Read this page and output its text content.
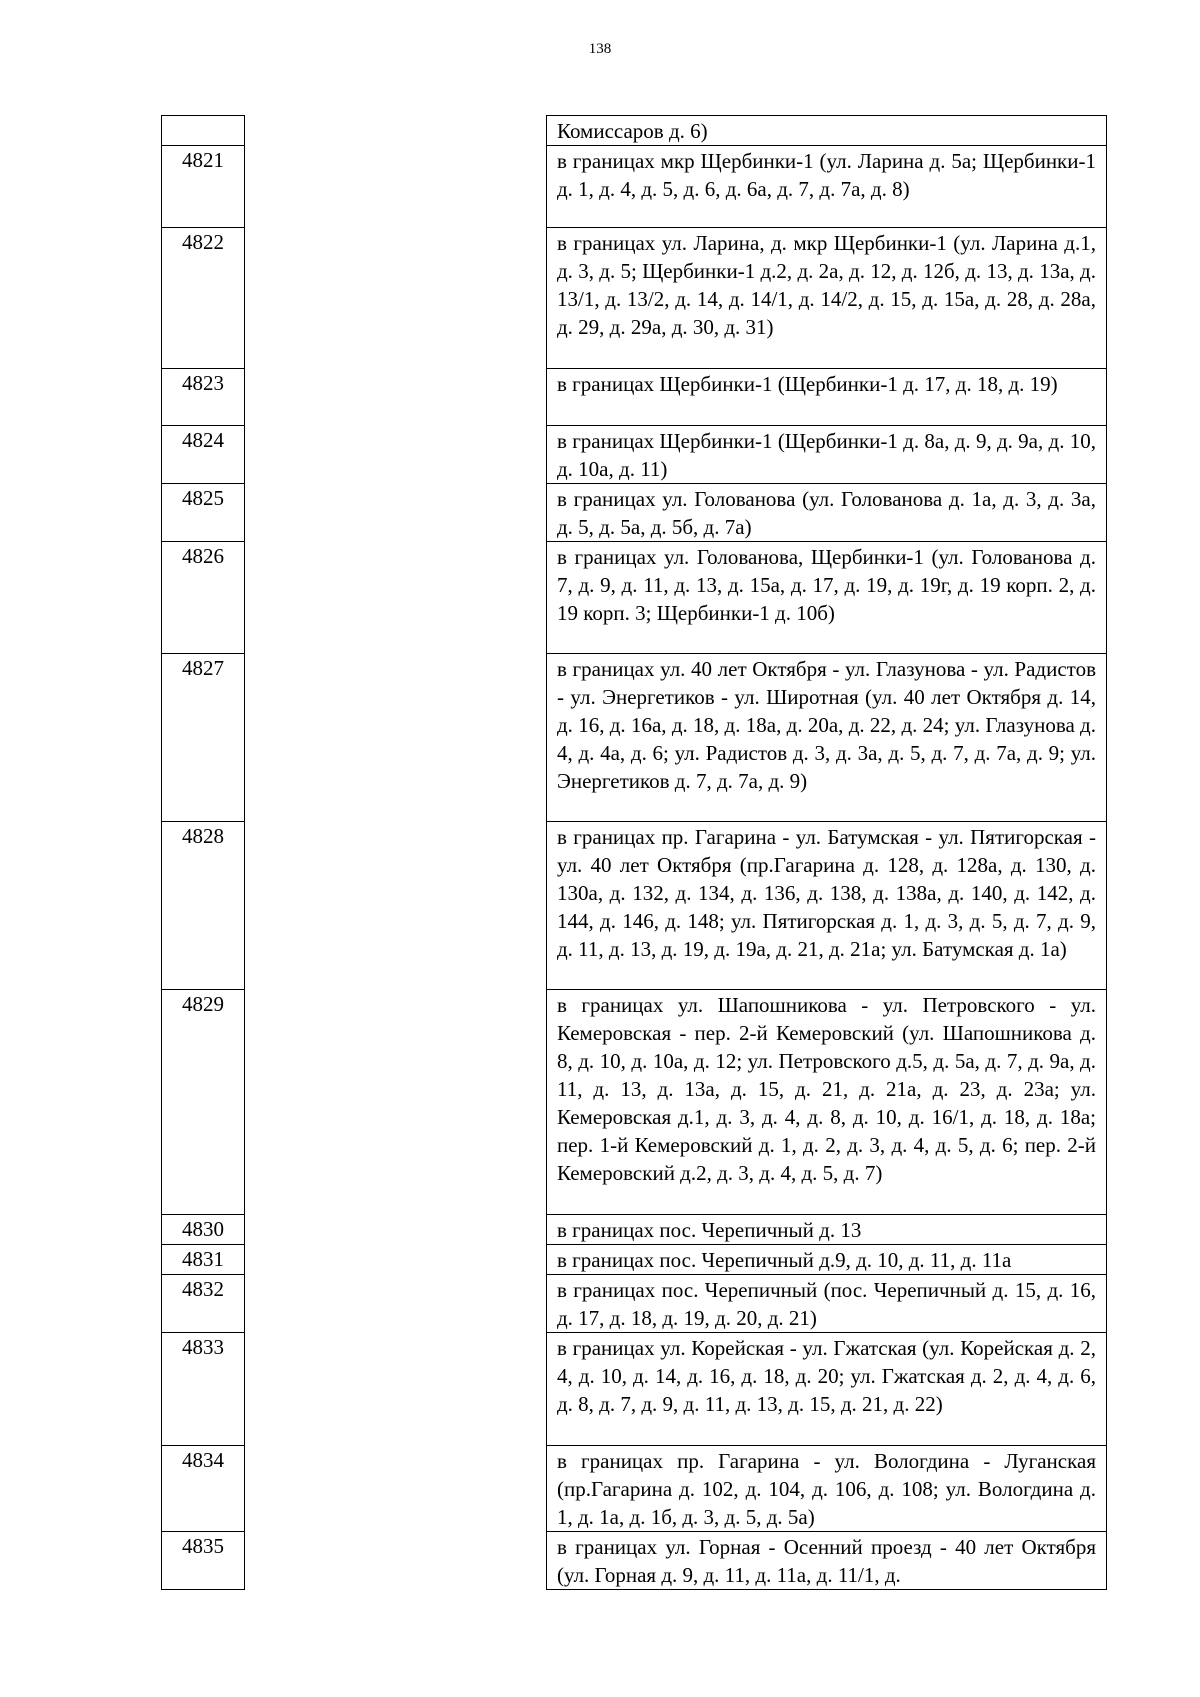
138
		Комиссаров д. 6)
4821		в границах мкр Щербинки-1 (ул. Ларина д. 5а; Щербинки-1 д. 1, д. 4, д. 5, д. 6, д. 6а, д. 7, д. 7а, д. 8)
4822		в границах ул. Ларина, д. мкр Щербинки-1 (ул. Ларина д.1, д. 3, д. 5; Щербинки-1 д.2, д. 2а, д. 12, д. 12б, д. 13, д. 13а, д. 13/1, д. 13/2, д. 14, д. 14/1, д. 14/2, д. 15, д. 15а, д. 28, д. 28а, д. 29, д. 29а, д. 30, д. 31)
4823		в границах Щербинки-1 (Щербинки-1 д. 17, д. 18, д. 19)
4824		в границах Щербинки-1 (Щербинки-1 д. 8а, д. 9, д. 9а, д. 10, д. 10а, д. 11)
4825		в границах ул. Голованова (ул. Голованова д. 1а, д. 3, д. 3а, д. 5, д. 5а, д. 5б, д. 7а)
4826		в границах ул. Голованова, Щербинки-1 (ул. Голованова д. 7, д. 9, д. 11, д. 13, д. 15а, д. 17, д. 19, д. 19г, д. 19 корп. 2, д. 19 корп. 3; Щербинки-1 д. 10б)
4827		в границах ул. 40 лет Октября - ул. Глазунова - ул. Радистов - ул. Энергетиков - ул. Широтная (ул. 40 лет Октября д. 14, д. 16, д. 16а, д. 18, д. 18а, д. 20а, д. 22, д. 24; ул. Глазунова д. 4, д. 4а, д. 6; ул. Радистов д. 3, д. 3а, д. 5, д. 7, д. 7а, д. 9; ул. Энергетиков д. 7, д. 7а, д. 9)
4828		в границах пр. Гагарина - ул. Батумская - ул. Пятигорская - ул. 40 лет Октября (пр.Гагарина д. 128, д. 128а, д. 130, д. 130а, д. 132, д. 134, д. 136, д. 138, д. 138а, д. 140, д. 142, д. 144, д. 146, д. 148; ул. Пятигорская д. 1, д. 3, д. 5, д. 7, д. 9, д. 11, д. 13, д. 19, д. 19а, д. 21, д. 21а; ул. Батумская д. 1а)
4829		в границах ул. Шапошникова - ул. Петровского - ул. Кемеровская - пер. 2-й Кемеровский (ул. Шапошникова д. 8, д. 10, д. 10а, д. 12; ул. Петровского д.5, д. 5а, д. 7, д. 9а, д. 11, д. 13, д. 13а, д. 15, д. 21, д. 21а, д. 23, д. 23а; ул. Кемеровская д.1, д. 3, д. 4, д. 8, д. 10, д. 16/1, д. 18, д. 18а; пер. 1-й Кемеровский д. 1, д. 2, д. 3, д. 4, д. 5, д. 6; пер. 2-й Кемеровский д.2, д. 3, д. 4, д. 5, д. 7)
4830		в границах пос. Черепичный д. 13
4831		в границах пос. Черепичный д.9, д. 10, д. 11, д. 11а
4832		в границах пос. Черепичный (пос. Черепичный д. 15, д. 16, д. 17, д. 18, д. 19, д. 20, д. 21)
4833		в границах ул. Корейская - ул. Гжатская (ул. Корейская д. 2, 4, д. 10, д. 14, д. 16, д. 18, д. 20; ул. Гжатская д. 2, д. 4, д. 6, д. 8, д. 7, д. 9, д. 11, д. 13, д. 15, д. 21, д. 22)
4834		в границах пр. Гагарина - ул. Вологдина - Луганская (пр.Гагарина д. 102, д. 104, д. 106, д. 108; ул. Вологдина д. 1, д. 1а, д. 1б, д. 3, д. 5, д. 5а)
4835		в границах ул. Горная - Осенний проезд - 40 лет Октября (ул. Горная д. 9, д. 11, д. 11а, д. 11/1, д.
